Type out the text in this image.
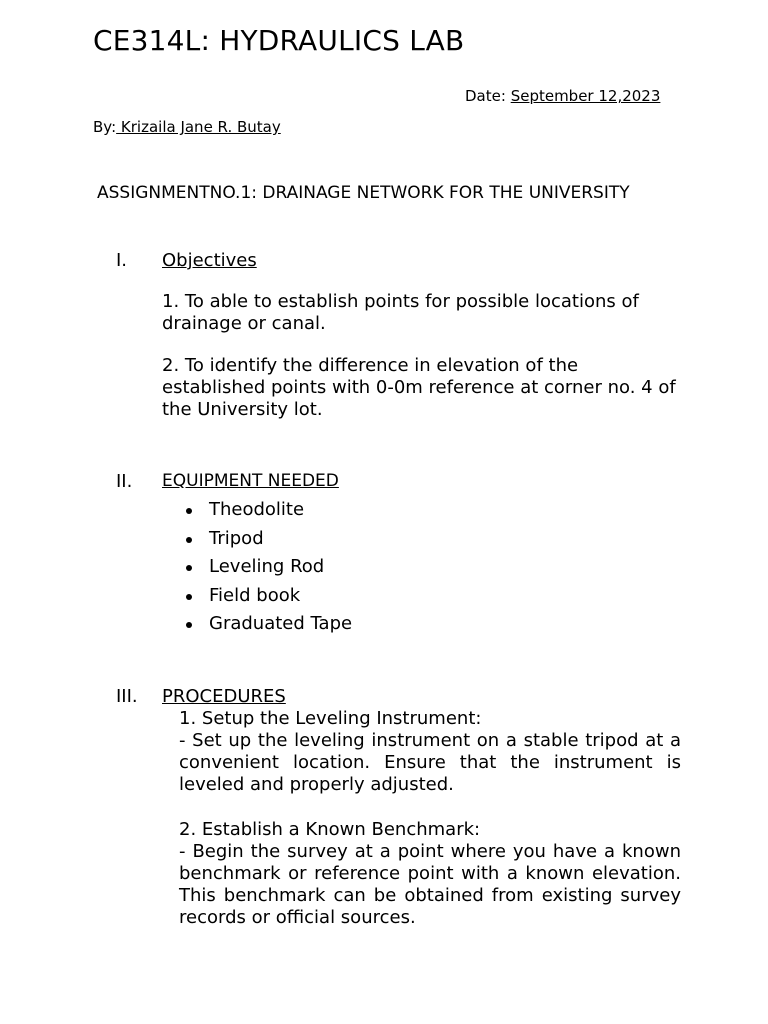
CE314L: HYDRAULICS LAB
Date: September 12,2023
By: Krizaila Jane R. Butay
ASSIGNMENTNO.1: DRAINAGE NETWORK FOR THE UNIVERSITY
I. Objectives
1. To able to establish points for possible locations of drainage or canal.
2. To identify the difference in elevation of the established points with 0-0m reference at corner no. 4 of the University lot.
II. EQUIPMENT NEEDED
Theodolite
Tripod
Leveling Rod
Field book
Graduated Tape
III. PROCEDURES
1. Setup the Leveling Instrument:
- Set up the leveling instrument on a stable tripod at a convenient location. Ensure that the instrument is leveled and properly adjusted.
2. Establish a Known Benchmark:
- Begin the survey at a point where you have a known benchmark or reference point with a known elevation. This benchmark can be obtained from existing survey records or official sources.
